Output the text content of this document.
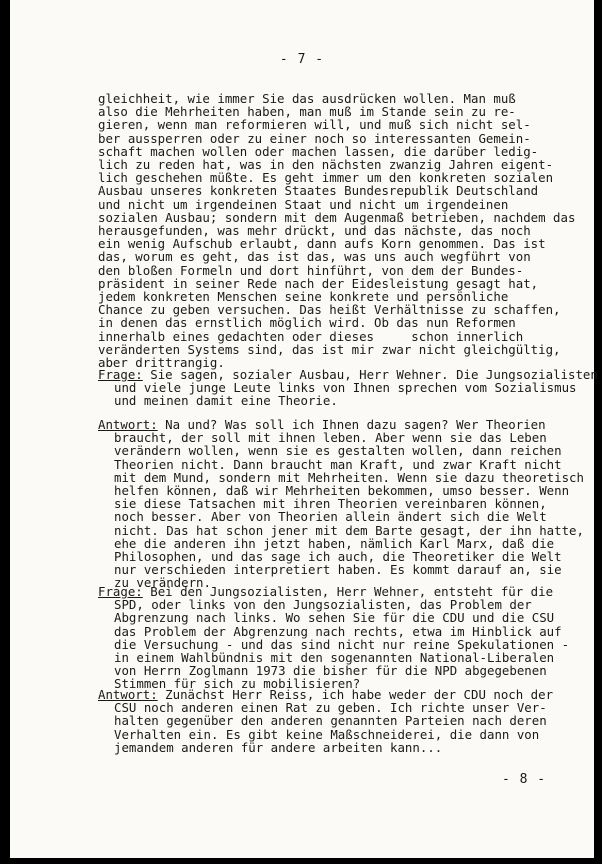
- 7 -
gleichheit, wie immer Sie das ausdrücken wollen. Man muß
also die Mehrheiten haben, man muß im Stande sein zu re-
gieren, wenn man reformieren will, und muß sich nicht sel-
ber aussperren oder zu einer noch so interessanten Gemein-
schaft machen wollen oder machen lassen, die darüber ledig-
lich zu reden hat, was in den nächsten zwanzig Jahren eigent-
lich geschehen müßte. Es geht immer um den konkreten sozialen
Ausbau unseres konkreten Staates Bundesrepublik Deutschland
und nicht um irgendeinen Staat und nicht um irgendeinen
sozialen Ausbau; sondern mit dem Augenmaß betrieben, nachdem das
herausgefunden, was mehr drückt, und das nächste, das noch
ein wenig Aufschub erlaubt, dann aufs Korn genommen. Das ist
das, worum es geht, das ist das, was uns auch wegführt von
den bloßen Formeln und dort hinführt, von dem der Bundes-
präsident in seiner Rede nach der Eidesleistung gesagt hat,
jedem konkreten Menschen seine konkrete und persönliche
Chance zu geben versuchen. Das heißt Verhältnisse zu schaffen,
in denen das ernstlich möglich wird. Ob das nun Reformen
innerhalb eines gedachten oder dieses     schon innerlich
veränderten Systems sind, das ist mir zwar nicht gleichgültig,
aber drittrangig.
Frage: Sie sagen, sozialer Ausbau, Herr Wehner. Die Jungsozialisten
und viele junge Leute links von Ihnen sprechen vom Sozialismus
und meinen damit eine Theorie.
Antwort: Na und? Was soll ich Ihnen dazu sagen? Wer Theorien
braucht, der soll mit ihnen leben. Aber wenn sie das Leben
verändern wollen, wenn sie es gestalten wollen, dann reichen
Theorien nicht. Dann braucht man Kraft, und zwar Kraft nicht
mit dem Mund, sondern mit Mehrheiten. Wenn sie dazu theoretisch
helfen können, daß wir Mehrheiten bekommen, umso besser. Wenn
sie diese Tatsachen mit ihren Theorien vereinbaren können,
noch besser. Aber von Theorien allein ändert sich die Welt
nicht. Das hat schon jener mit dem Barte gesagt, der ihn hatte,
ehe die anderen ihn jetzt haben, nämlich Karl Marx, daß die
Philosophen, und das sage ich auch, die Theoretiker die Welt
nur verschieden interpretiert haben. Es kommt darauf an, sie
zu verändern.
Frage: Bei den Jungsozialisten, Herr Wehner, entsteht für die
SPD, oder links von den Jungsozialisten, das Problem der
Abgrenzung nach links. Wo sehen Sie für die CDU und die CSU
das Problem der Abgrenzung nach rechts, etwa im Hinblick auf
die Versuchung - und das sind nicht nur reine Spekulationen -
in einem Wahlbündnis mit den sogenannten National-Liberalen
von Herrn Zoglmann 1973 die bisher für die NPD abgegebenen
Stimmen für sich zu mobilisieren?
Antwort: Zunächst Herr Reiss, ich habe weder der CDU noch der
CSU noch anderen einen Rat zu geben. Ich richte unser Ver-
halten gegenüber den anderen genannten Parteien nach deren
Verhalten ein. Es gibt keine Maßschneiderei, die dann von
jemandem anderen für andere arbeiten kann...
- 8 -
